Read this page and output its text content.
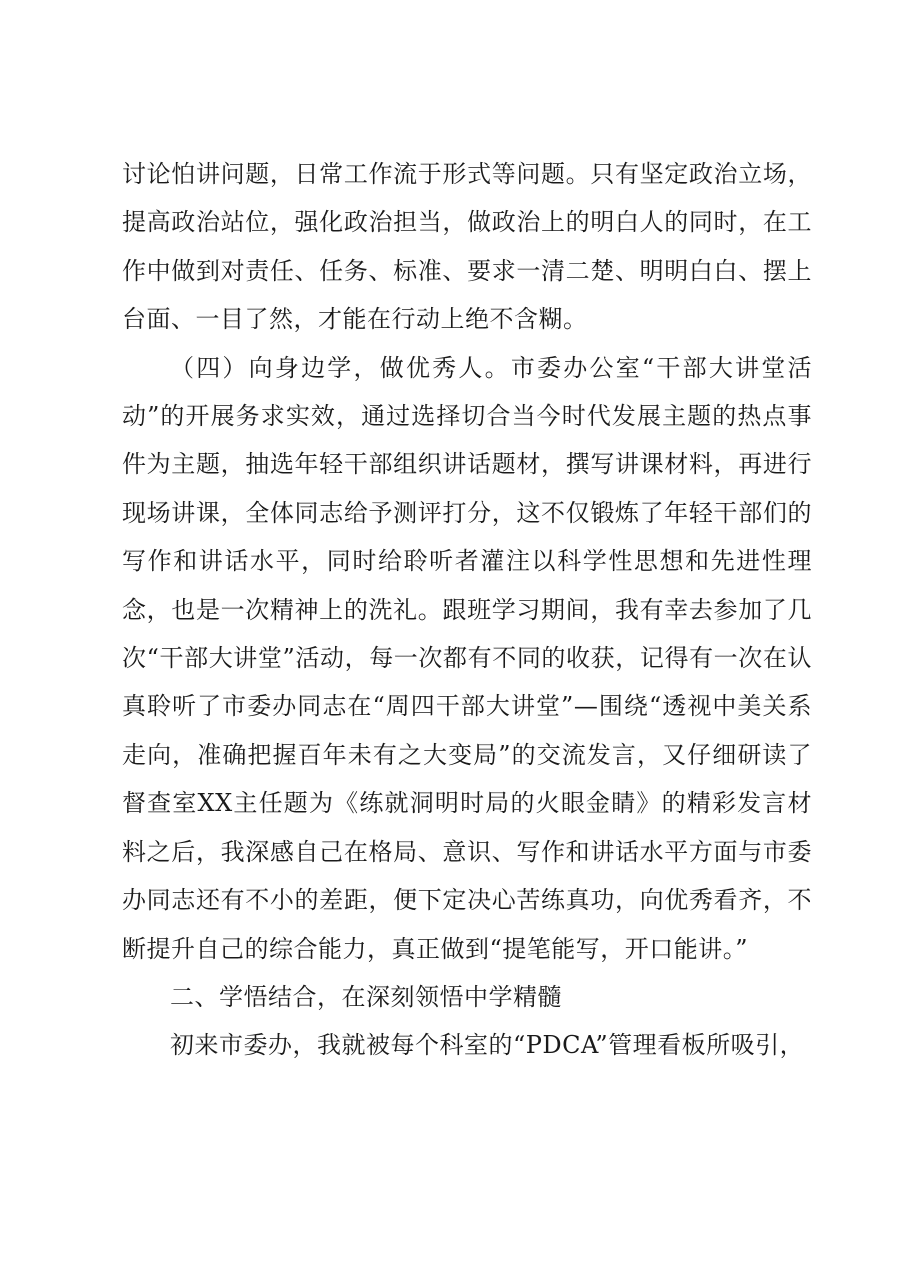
讨论怕讲问题，日常工作流于形式等问题。只有坚定政治立场，提高政治站位，强化政治担当，做政治上的明白人的同时，在工作中做到对责任、任务、标准、要求一清二楚、明明白白、摆上台面、一目了然，才能在行动上绝不含糊。

（四）向身边学，做优秀人。市委办公室“干部大讲堂活动”的开展务求实效，通过选择切合当今时代发展主题的热点事件为主题，抽选年轻干部组织讲话题材，撰写讲课材料，再进行现场讲课，全体同志给予测评打分，这不仅锻炼了年轻干部们的写作和讲话水平，同时给聆听者灌注以科学性思想和先进性理念，也是一次精神上的洗礼。跟班学习期间，我有幸去参加了几次“干部大讲堂”活动，每一次都有不同的收获，记得有一次在认真聆听了市委办同志在“周四干部大讲堂”—围绕“透视中美关系走向，准确把握百年未有之大变局”的交流发言，又仔细研读了督查室XX主任题为《练就洞明时局的火眼金睛》的精彩发言材料之后，我深感自己在格局、意识、写作和讲话水平方面与市委办同志还有不小的差距，便下定决心苦练真功，向优秀看齐，不断提升自己的综合能力，真正做到“提笔能写，开口能讲。”

二、学悟结合，在深刻领悟中学精髓

初来市委办，我就被每个科室的“PDCA”管理看板所吸引，
